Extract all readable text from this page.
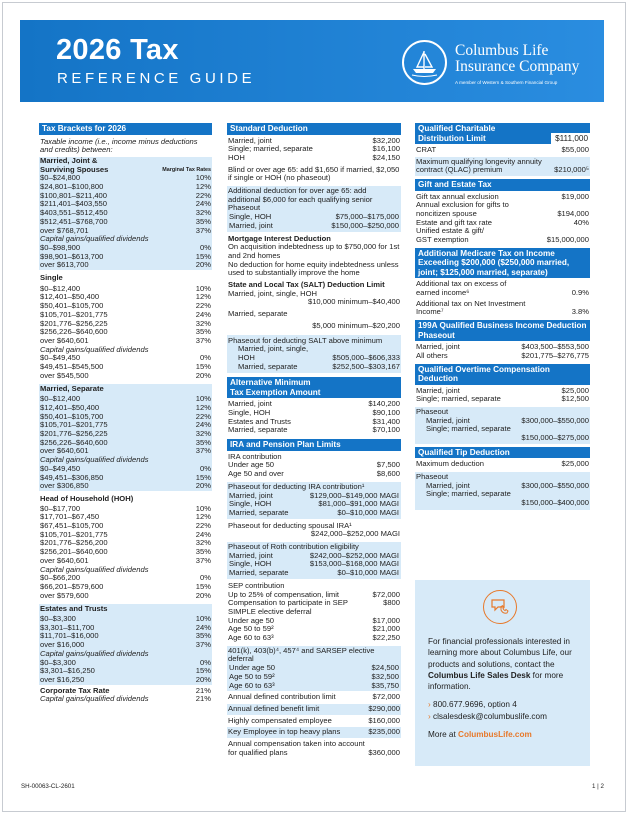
2026 Tax
REFERENCE GUIDE
Columbus Life
Insurance Company
A member of Western & Southern Financial Group
Tax Brackets for 2026
Taxable income (i.e., income minus deductions and credits) between:
Married, Joint &
Surviving Spouses	Marginal Tax Rates
$0–$24,800	10%
$24,801–$100,800	12%
$100,801–$211,400	22%
$211,401–$403,550	24%
$403,551–$512,450	32%
$512,451–$768,700	35%
over $768,701	37%
Capital gains/qualified dividends
$0–$98,900	0%
$98,901–$613,700	15%
over $613,700	20%
Single
$0–$12,400	10%
$12,401–$50,400	12%
$50,401–$105,700	22%
$105,701–$201,775	24%
$201,776–$256,225	32%
$256,226–$640,600	35%
over $640,601	37%
Capital gains/qualified dividends
$0–$49,450	0%
$49,451–$545,500	15%
over $545,500	20%
Married, Separate
$0–$12,400	10%
$12,401–$50,400	12%
$50,401–$105,700	22%
$105,701–$201,775	24%
$201,776–$256,225	32%
$256,226–$640,600	35%
over $640,601	37%
Capital gains/qualified dividends
$0–$49,450	0%
$49,451–$306,850	15%
over $306,850	20%
Head of Household (HOH)
$0–$17,700	10%
$17,701–$67,450	12%
$67,451–$105,700	22%
$105,701–$201,775	24%
$201,776–$256,200	32%
$256,201–$640,600	35%
over $640,601	37%
Capital gains/qualified dividends
$0–$66,200	0%
$66,201–$579,600	15%
over $579,600	20%
Estates and Trusts
$0–$3,300	10%
$3,301–$11,700	24%
$11,701–$16,000	35%
over $16,000	37%
Capital gains/qualified dividends
$0–$3,300	0%
$3,301–$16,250	15%
over $16,250	20%
Corporate Tax Rate	21%
Capital gains/qualified dividends	21%
Standard Deduction
Married, joint	$32,200
Single; married, separate	$16,100
HOH	$24,150
Blind or over age 65: add $1,650 if married, $2,050 if single or HOH (no phaseout)
Additional deduction for over age 65: add additional $6,000 for each qualifying senior
Phaseout
Single, HOH	$75,000–$175,000
Married, joint	$150,000–$250,000
Mortgage Interest Deduction
On acquisition indebtedness up to $750,000 for 1st and 2nd homes
No deduction for home equity indebtedness unless used to substantially improve the home
State and Local Tax (SALT) Deduction Limit
Married, joint, single, HOH
$10,000 minimum–$40,400
Married, separate
$5,000 minimum–$20,200
Phaseout for deducting SALT above minimum
Married, joint, single,
HOH	$505,000–$606,333
Married, separate	$252,500–$303,167
Alternative Minimum
Tax Exemption Amount
Married, joint	$140,200
Single, HOH	$90,100
Estates and Trusts	$31,400
Married, separate	$70,100
IRA and Pension Plan Limits
IRA contribution
Under age 50	$7,500
Age 50 and over	$8,600
Phaseout for deducting IRA contribution¹
Married, joint	$129,000–$149,000 MAGI
Single, HOH	$81,000–$91,000 MAGI
Married, separate	$0–$10,000 MAGI
Phaseout for deducting spousal IRA¹
$242,000–$252,000 MAGI
Phaseout of Roth contribution eligibility
Married, joint	$242,000–$252,000 MAGI
Single, HOH	$153,000–$168,000 MAGI
Married, separate	$0–$10,000 MAGI
SEP contribution
Up to 25% of compensation, limit	$72,000
Compensation to participate in SEP	$800
SIMPLE elective deferral
Under age 50	$17,000
Age 50 to 59²	$21,000
Age 60 to 63³	$22,250
401(k), 403(b)⁴, 457⁴ and SARSEP elective deferral
Under age 50	$24,500
Age 50 to 59²	$32,500
Age 60 to 63³	$35,750
Annual defined contribution limit	$72,000
Annual defined benefit limit	$290,000
Highly compensated employee	$160,000
Key Employee in top heavy plans	$235,000
Annual compensation taken into account for qualified plans	$360,000
Qualified Charitable
Distribution Limit	$111,000
CRAT	$55,000
Maximum qualifying longevity annuity contract (QLAC) premium	$210,000⁵
Gift and Estate Tax
Gift tax annual exclusion	$19,000
Annual exclusion for gifts to
noncitizen spouse	$194,000
Estate and gift tax rate	40%
Unified estate & gift/
GST exemption	$15,000,000
Additional Medicare Tax on Income Exceeding $200,000 ($250,000 married, joint; $125,000 married, separate)
Additional tax on excess of
earned income⁶	0.9%
Additional tax on Net Investment
Income⁷	3.8%
199A Qualified Business Income Deduction Phaseout
Married, joint	$403,500–$553,500
All others	$201,775–$276,775
Qualified Overtime Compensation Deduction
Married, joint	$25,000
Single; married, separate	$12,500
Phaseout
Married, joint	$300,000–$550,000
Single; married, separate
$150,000–$275,000
Qualified Tip Deduction
Maximum deduction	$25,000
Phaseout
Married, joint	$300,000–$550,000
Single; married, separate
$150,000–$400,000
For financial professionals interested in learning more about Columbus Life, our products and solutions, contact the Columbus Life Sales Desk for more information.
› 800.677.9696, option 4
› clsalesdesk@columbuslife.com
More at ColumbusLife.com
SH-00063-CL-2601	1 | 2
